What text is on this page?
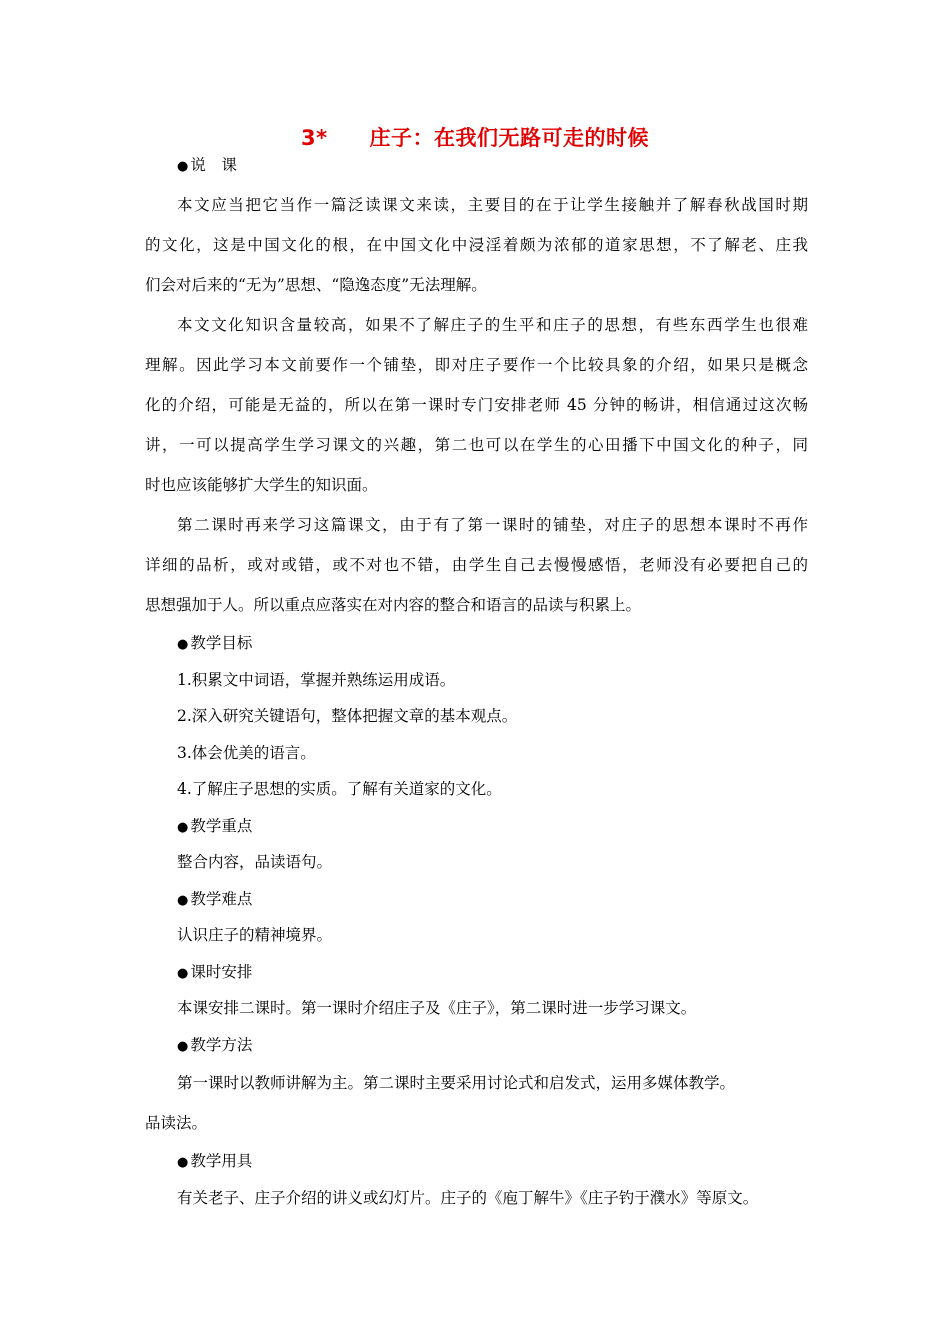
3* 庄子：在我们无路可走的时候
● 说　课
本文应当把它当作一篇泛读课文来读，主要目的在于让学生接触并了解春秋战国时期
的文化，这是中国文化的根，在中国文化中浸淫着颇为浓郁的道家思想，不了解老、庄我
们会对后来的“无为”思想、“隐逸态度”无法理解。
本文文化知识含量较高，如果不了解庄子的生平和庄子的思想，有些东西学生也很难
理解。因此学习本文前要作一个铺垫，即对庄子要作一个比较具象的介绍，如果只是概念
化的介绍，可能是无益的，所以在第一课时专门安排老师 45 分钟的畅讲，相信通过这次畅
讲，一可以提高学生学习课文的兴趣，第二也可以在学生的心田播下中国文化的种子，同
时也应该能够扩大学生的知识面。
第二课时再来学习这篇课文，由于有了第一课时的铺垫，对庄子的思想本课时不再作
详细的品析，或对或错，或不对也不错，由学生自己去慢慢感悟，老师没有必要把自己的
思想强加于人。所以重点应落实在对内容的整合和语言的品读与积累上。
● 教学目标
1.积累文中词语，掌握并熟练运用成语。
2.深入研究关键语句，整体把握文章的基本观点。
3.体会优美的语言。
4.了解庄子思想的实质。了解有关道家的文化。
● 教学重点
整合内容，品读语句。
● 教学难点
认识庄子的精神境界。
● 课时安排
本课安排二课时。第一课时介绍庄子及《庄子》，第二课时进一步学习课文。
● 教学方法
第一课时以教师讲解为主。第二课时主要采用讨论式和启发式，运用多媒体教学。
品读法。
● 教学用具
有关老子、庄子介绍的讲义或幻灯片。庄子的《庖丁解牛》《庄子钓于濮水》等原文。
